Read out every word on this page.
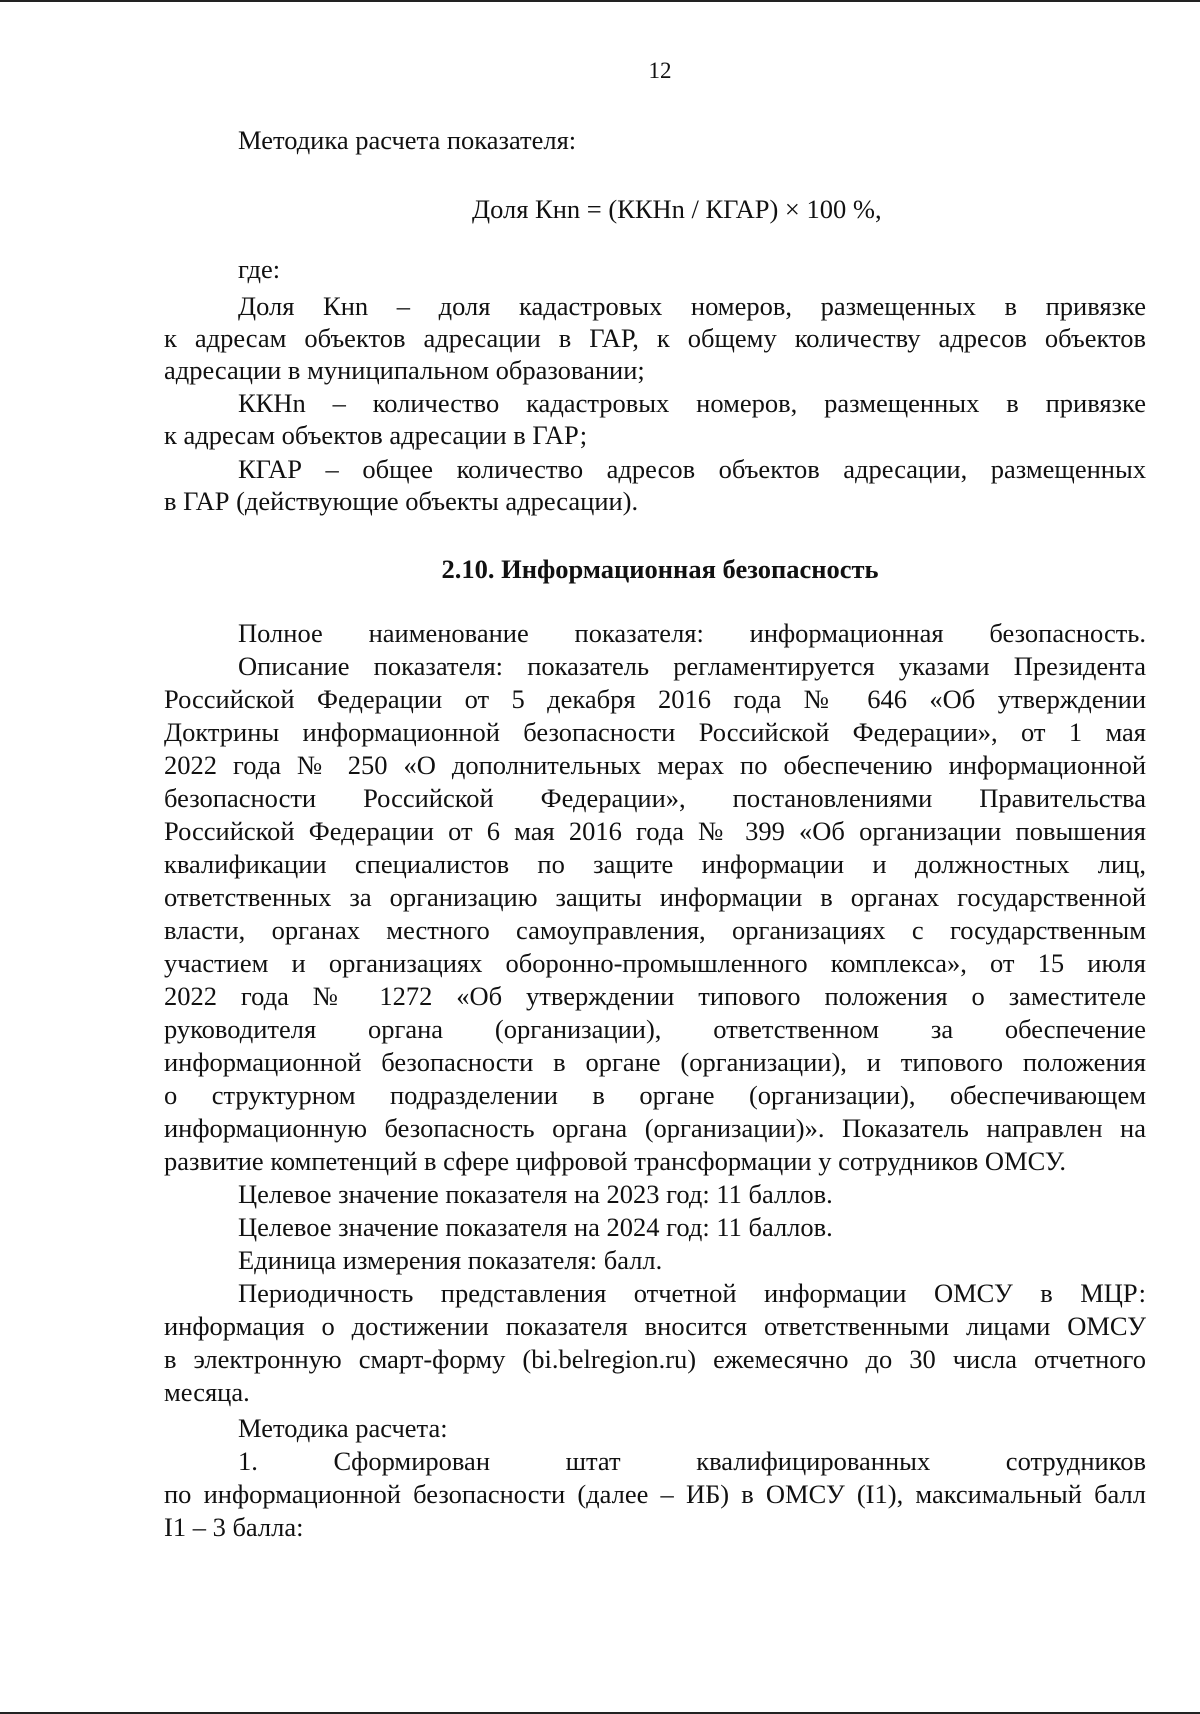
12
Методика расчета показателя:
Доля Кнn = (ККНn / КГАР) × 100 %,
где:
Доля Кнn – доля кадастровых номеров, размещенных в привязке
к адресам объектов адресации в ГАР, к общему количеству адресов объектов
адресации в муниципальном образовании;
ККНn – количество кадастровых номеров, размещенных в привязке
к адресам объектов адресации в ГАР;
КГАР – общее количество адресов объектов адресации, размещенных
в ГАР (действующие объекты адресации).
2.10. Информационная безопасность
Полное наименование показателя: информационная безопасность.
Описание показателя: показатель регламентируется указами Президента
Российской Федерации от 5 декабря 2016 года № 646 «Об утверждении
Доктрины информационной безопасности Российской Федерации», от 1 мая
2022 года № 250 «О дополнительных мерах по обеспечению информационной
безопасности Российской Федерации», постановлениями Правительства
Российской Федерации от 6 мая 2016 года № 399 «Об организации повышения
квалификации специалистов по защите информации и должностных лиц,
ответственных за организацию защиты информации в органах государственной
власти, органах местного самоуправления, организациях с государственным
участием и организациях оборонно-промышленного комплекса», от 15 июля
2022 года № 1272 «Об утверждении типового положения о заместителе
руководителя органа (организации), ответственном за обеспечение
информационной безопасности в органе (организации), и типового положения
о структурном подразделении в органе (организации), обеспечивающем
информационную безопасность органа (организации)». Показатель направлен на
развитие компетенций в сфере цифровой трансформации у сотрудников ОМСУ.
Целевое значение показателя на 2023 год: 11 баллов.
Целевое значение показателя на 2024 год: 11 баллов.
Единица измерения показателя: балл.
Периодичность представления отчетной информации ОМСУ в МЦР:
информация о достижении показателя вносится ответственными лицами ОМСУ
в электронную смарт-форму (bi.belregion.ru) ежемесячно до 30 числа отчетного
месяца.
Методика расчета:
1. Сформирован штат квалифицированных сотрудников
по информационной безопасности (далее – ИБ) в ОМСУ (I1), максимальный балл
I1 – 3 балла:
